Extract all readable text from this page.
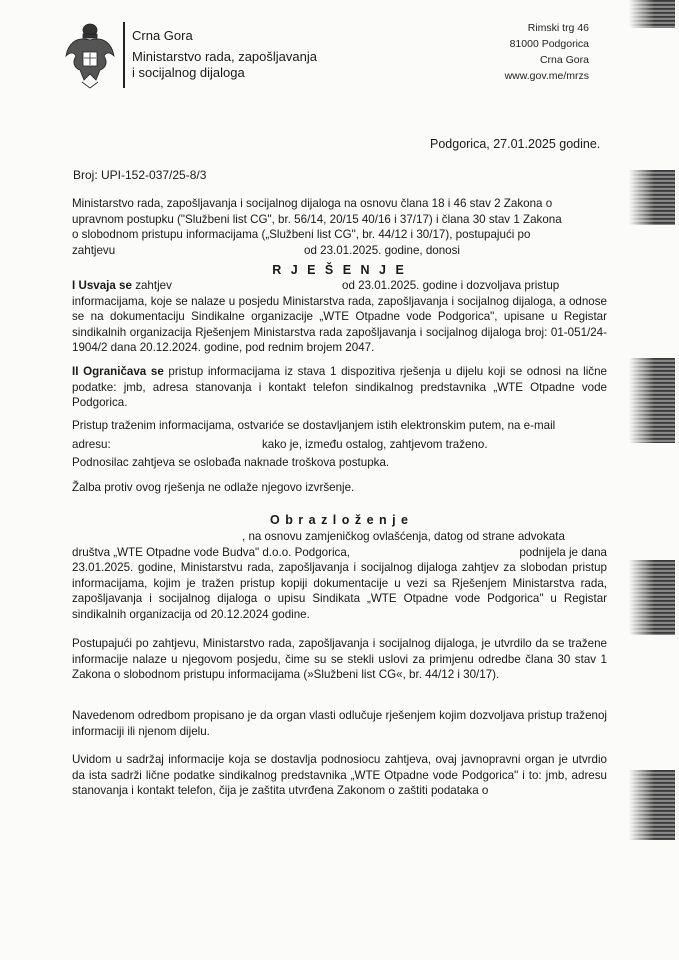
Crna Gora
Ministarstvo rada, zapošljavanja
i socijalnog dijaloga
Rimski trg 46
81000 Podgorica
Crna Gora
www.gov.me/mrzs
Podgorica, 27.01.2025 godine.
Broj: UPI-152-037/25-8/3
Ministarstvo rada, zapošljavanja i socijalnog dijaloga na osnovu člana 18 i 46 stav 2 Zakona o
upravnom postupku ("Službeni list CG", br. 56/14, 20/15 40/16 i 37/17) i člana 30 stav 1 Zakona
o slobodnom pristupu informacijama („Službeni list CG", br. 44/12 i 30/17), postupajući po
zahtjevu	od 23.01.2025. godine, donosi
R J E Š E N J E
I Usvaja se zahtjev	od 23.01.2025. godine i dozvoljava pristup
informacijama, koje se nalaze u posjedu Ministarstva rada, zapošljavanja i socijalnog dijaloga, a odnose se na dokumentaciju Sindikalne organizacije „WTE Otpadne vode Podgorica", upisane u Registar sindikalnih organizacija Rješenjem Ministarstva rada zapošljavanja i socijalnog dijaloga broj: 01-051/24-1904/2 dana 20.12.2024. godine, pod rednim brojem 2047.
II Ograničava se pristup informacijama iz stava 1 dispozitiva rješenja u dijelu koji se odnosi na lične podatke: jmb, adresa stanovanja i kontakt telefon sindikalnog predstavnika „WTE Otpadne vode Podgorica.
Pristup traženim informacijama, ostvariće se dostavljanjem istih elektronskim putem, na e-mail
adresu:	kako je, između ostalog, zahtjevom traženo.
Podnosilac zahtjeva se oslobađa naknade troškova postupka.
Žalba protiv ovog rješenja ne odlaže njegovo izvršenje.
O b r a z l o ž e n j e
, na osnovu zamjeničkog ovlašćenja, datog od strane advokata
društva „WTE Otpadne vode Budva" d.o.o. Podgorica,	podnijela je dana
23.01.2025. godine, Ministarstvu rada, zapošljavanja i socijalnog dijaloga zahtjev za slobodan pristup informacijama, kojim je tražen pristup kopiji dokumentacije u vezi sa Rješenjem Ministarstva rada, zapošljavanja i socijalnog dijaloga o upisu Sindikata „WTE Otpadne vode Podgorica" u Registar sindikalnih organizacija od 20.12.2024 godine.
Postupajući po zahtjevu, Ministarstvo rada, zapošljavanja i socijalnog dijaloga, je utvrdilo da se tražene informacije nalaze u njegovom posjedu, čime su se stekli uslovi za primjenu odredbe člana 30 stav 1 Zakona o slobodnom pristupu informacijama (»Službeni list CG«, br. 44/12 i 30/17).
Navedenom odredbom propisano je da organ vlasti odlučuje rješenjem kojim dozvoljava pristup traženoj informaciji ili njenom dijelu.
Uvidom u sadržaj informacije koja se dostavlja podnosiocu zahtjeva, ovaj javnopravni organ je utvrdio da ista sadrži lične podatke sindikalnog predstavnika „WTE Otpadne vode Podgorica" i to: jmb, adresu stanovanja i kontakt telefon, čija je zaštita utvrđena Zakonom o zaštiti podataka o
